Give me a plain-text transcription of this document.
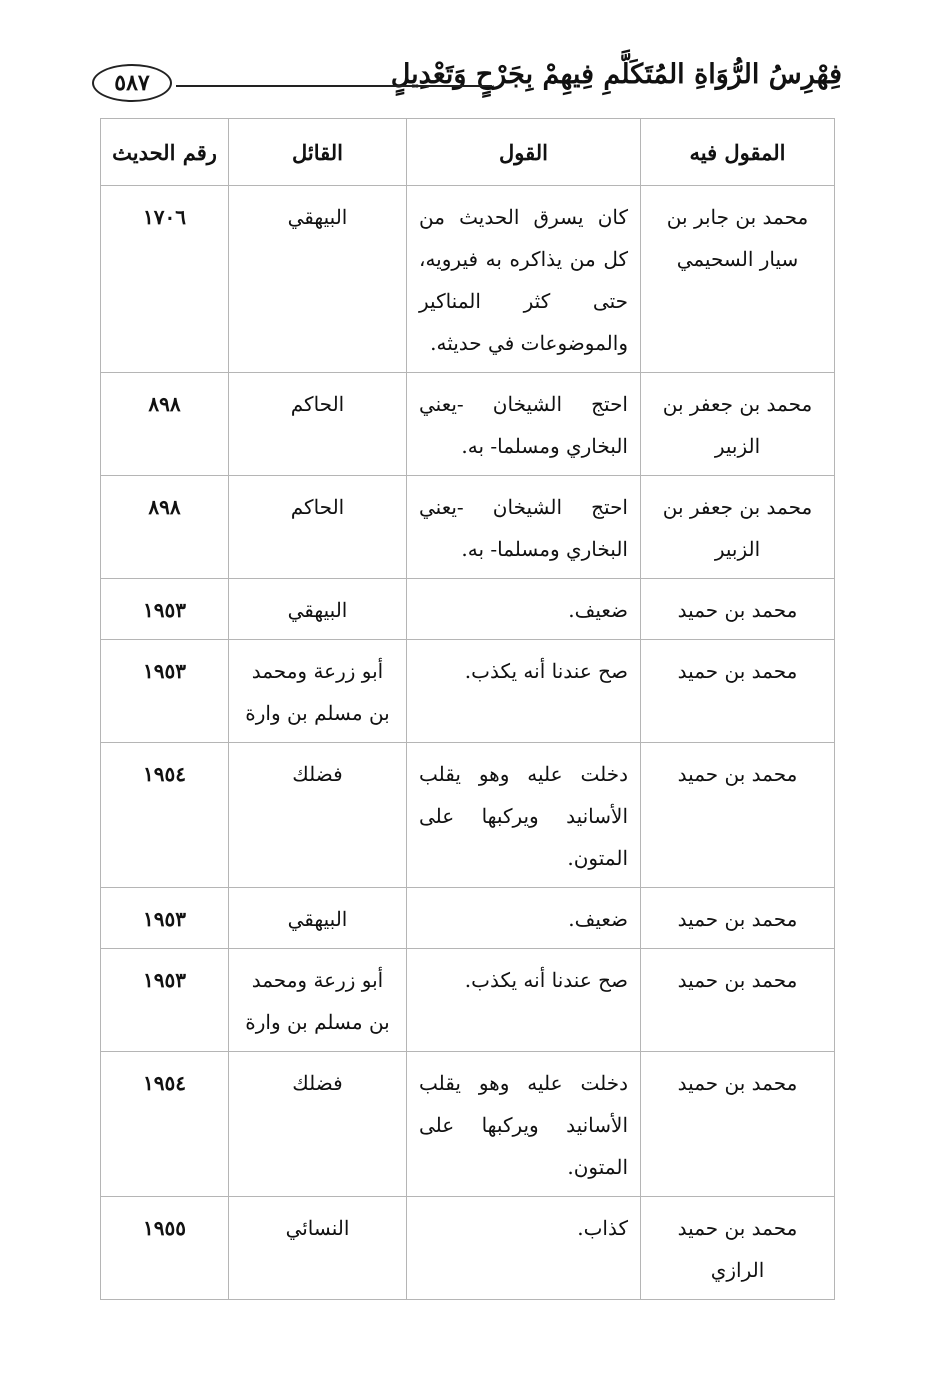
فِهْرِسُ الرُّوَاةِ المُتَكَلَّمِ فِيهِمْ بِجَرْحٍ وَتَعْدِيلٍ
٥٨٧
المقول فيه	القول	القائل	رقم الحديث
محمد بن جابر بن سيار السحيمي	كان يسرق الحديث من كل من يذاكره به فيرويه، حتى كثر المناكير والموضوعات في حديثه.	البيهقي	١٧٠٦
محمد بن جعفر بن الزبير	احتج الشيخان -يعني البخاري ومسلما- به.	الحاكم	٨٩٨
محمد بن جعفر بن الزبير	احتج الشيخان -يعني البخاري ومسلما- به.	الحاكم	٨٩٨
محمد بن حميد	ضعيف.	البيهقي	١٩٥٣
محمد بن حميد	صح عندنا أنه يكذب.	أبو زرعة ومحمد بن مسلم بن وارة	١٩٥٣
محمد بن حميد	دخلت عليه وهو يقلب الأسانيد ويركبها على المتون.	فضلك	١٩٥٤
محمد بن حميد	ضعيف.	البيهقي	١٩٥٣
محمد بن حميد	صح عندنا أنه يكذب.	أبو زرعة ومحمد بن مسلم بن وارة	١٩٥٣
محمد بن حميد	دخلت عليه وهو يقلب الأسانيد ويركبها على المتون.	فضلك	١٩٥٤
محمد بن حميد الرازي	كذاب.	النسائي	١٩٥٥
